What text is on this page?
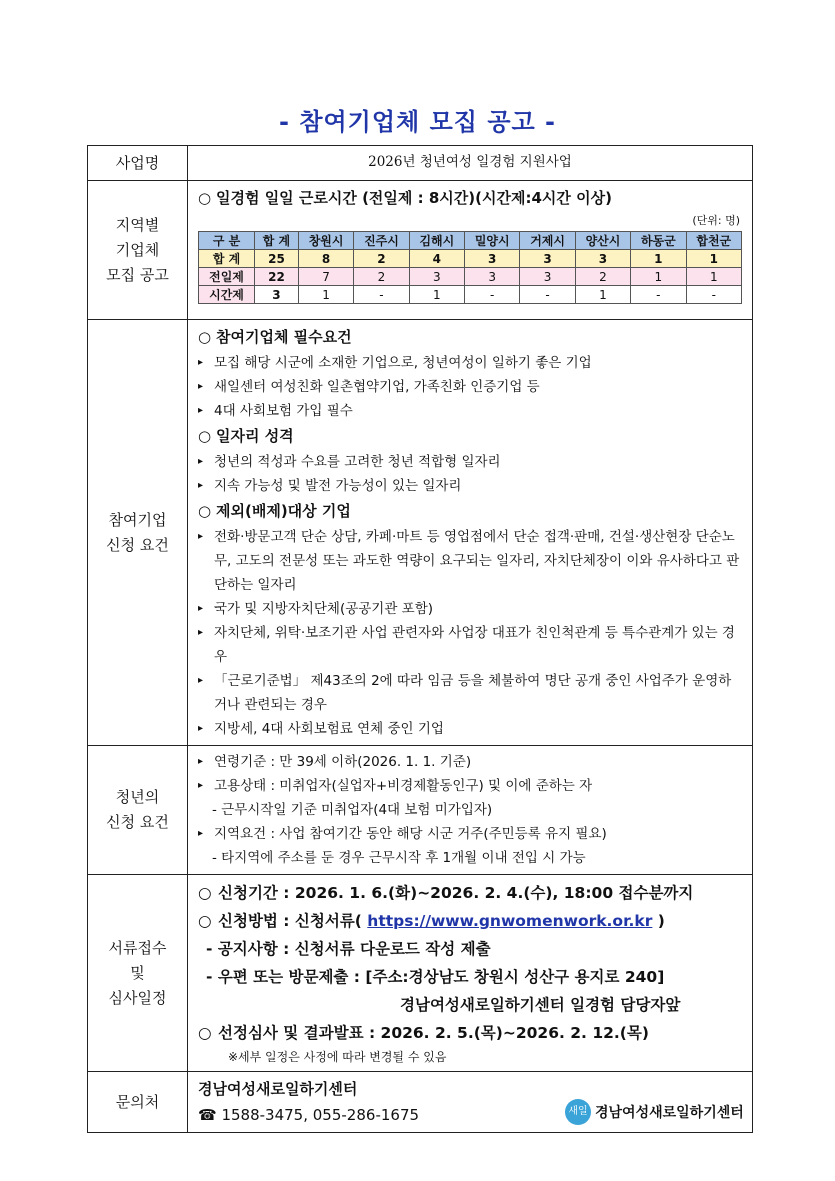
- 참여기업체 모집 공고 -
사업명	2026년 청년여성 일경험 지원사업

지역별
기업체
모집 공고

○ 일경험 일일 근로시간 (전일제 : 8시간)(시간제:4시간 이상)
(단위: 명)
구 분	합 계	창원시	진주시	김해시	밀양시	거제시	양산시	하동군	합천군
합 계	25	8	2	4	3	3	3	1	1
전일제	22	7	2	3	3	3	2	1	1
시간제	3	1	-	1	-	-	1	-	-

참여기업
신청 요건

○ 참여기업체 필수요건
▸ 모집 해당 시군에 소재한 기업으로, 청년여성이 일하기 좋은 기업
▸ 새일센터 여성친화 일촌협약기업, 가족친화 인증기업 등
▸ 4대 사회보험 가입 필수
○ 일자리 성격
▸ 청년의 적성과 수요를 고려한 청년 적합형 일자리
▸ 지속 가능성 및 발전 가능성이 있는 일자리
○ 제외(배제)대상 기업
▸ 전화·방문고객 단순 상담, 카페·마트 등 영업점에서 단순 접객·판매, 건설·생산현장 단순노무, 고도의 전문성 또는 과도한 역량이 요구되는 일자리, 자치단체장이 이와 유사하다고 판단하는 일자리
▸ 국가 및 지방자치단체(공공기관 포함)
▸ 자치단체, 위탁·보조기관 사업 관련자와 사업장 대표가 친인척관계 등 특수관계가 있는 경우
▸ 「근로기준법」 제43조의 2에 따라 임금 등을 체불하여 명단 공개 중인 사업주가 운영하거나 관련되는 경우
▸ 지방세, 4대 사회보험료 연체 중인 기업

청년의
신청 요건

▸ 연령기준 : 만 39세 이하(2026. 1. 1. 기준)
▸ 고용상태 : 미취업자(실업자+비경제활동인구) 및 이에 준하는 자
- 근무시작일 기준 미취업자(4대 보험 미가입자)
▸ 지역요건 : 사업 참여기간 동안 해당 시군 거주(주민등록 유지 필요)
- 타지역에 주소를 둔 경우 근무시작 후 1개월 이내 전입 시 가능

서류접수
및
심사일정

○ 신청기간 : 2026. 1. 6.(화)~2026. 2. 4.(수), 18:00 접수분까지
○ 신청방법 : 신청서류( https://www.gnwomenwork.or.kr )
- 공지사항 : 신청서류 다운로드 작성 제출
- 우편 또는 방문제출 : [주소:경상남도 창원시 성산구 용지로 240]
경남여성새로일하기센터 일경험 담당자앞
○ 선정심사 및 결과발표 : 2026. 2. 5.(목)~2026. 2. 12.(목)
※세부 일정은 사정에 따라 변경될 수 있음

문의처	
경남여성새로일하기센터
☎ 1588-3475, 055-286-1675	새일 경남여성새로일하기센터
